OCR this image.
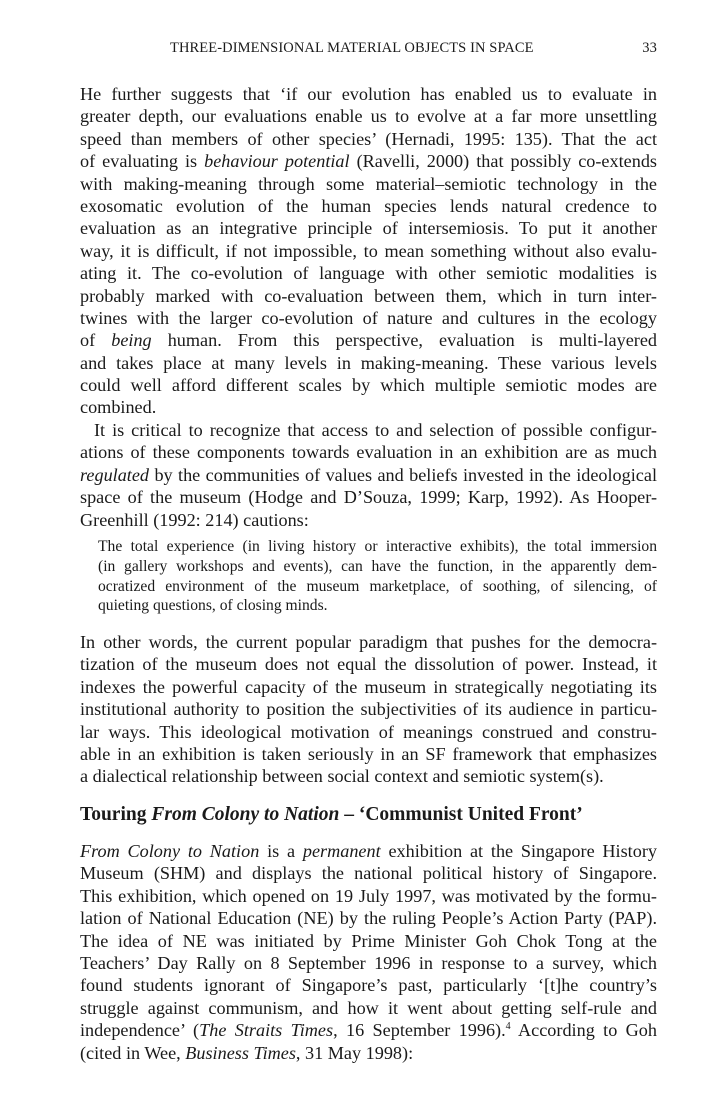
THREE-DIMENSIONAL MATERIAL OBJECTS IN SPACE	33
He further suggests that ‘if our evolution has enabled us to evaluate in
greater depth, our evaluations enable us to evolve at a far more unsettling
speed than members of other species’ (Hernadi, 1995: 135). That the act
of evaluating is behaviour potential (Ravelli, 2000) that possibly co-extends
with making-meaning through some material–semiotic technology in the
exosomatic evolution of the human species lends natural credence to
evaluation as an integrative principle of intersemiosis. To put it another
way, it is difficult, if not impossible, to mean something without also evalu-
ating it. The co-evolution of language with other semiotic modalities is
probably marked with co-evaluation between them, which in turn inter-
twines with the larger co-evolution of nature and cultures in the ecology
of being human. From this perspective, evaluation is multi-layered
and takes place at many levels in making-meaning. These various levels
could well afford different scales by which multiple semiotic modes are
combined.
It is critical to recognize that access to and selection of possible configur-
ations of these components towards evaluation in an exhibition are as much
regulated by the communities of values and beliefs invested in the ideological
space of the museum (Hodge and D’Souza, 1999; Karp, 1992). As Hooper-
Greenhill (1992: 214) cautions:
The total experience (in living history or interactive exhibits), the total immersion
(in gallery workshops and events), can have the function, in the apparently dem-
ocratized environment of the museum marketplace, of soothing, of silencing, of
quieting questions, of closing minds.
In other words, the current popular paradigm that pushes for the democra-
tization of the museum does not equal the dissolution of power. Instead, it
indexes the powerful capacity of the museum in strategically negotiating its
institutional authority to position the subjectivities of its audience in particu-
lar ways. This ideological motivation of meanings construed and constru-
able in an exhibition is taken seriously in an SF framework that emphasizes
a dialectical relationship between social context and semiotic system(s).
Touring From Colony to Nation – ‘Communist United Front’
From Colony to Nation is a permanent exhibition at the Singapore History
Museum (SHM) and displays the national political history of Singapore.
This exhibition, which opened on 19 July 1997, was motivated by the formu-
lation of National Education (NE) by the ruling People’s Action Party (PAP).
The idea of NE was initiated by Prime Minister Goh Chok Tong at the
Teachers’ Day Rally on 8 September 1996 in response to a survey, which
found students ignorant of Singapore’s past, particularly ‘[t]he country’s
struggle against communism, and how it went about getting self-rule and
independence’ (The Straits Times, 16 September 1996).$^4$ According to Goh
(cited in Wee, Business Times, 31 May 1998):
